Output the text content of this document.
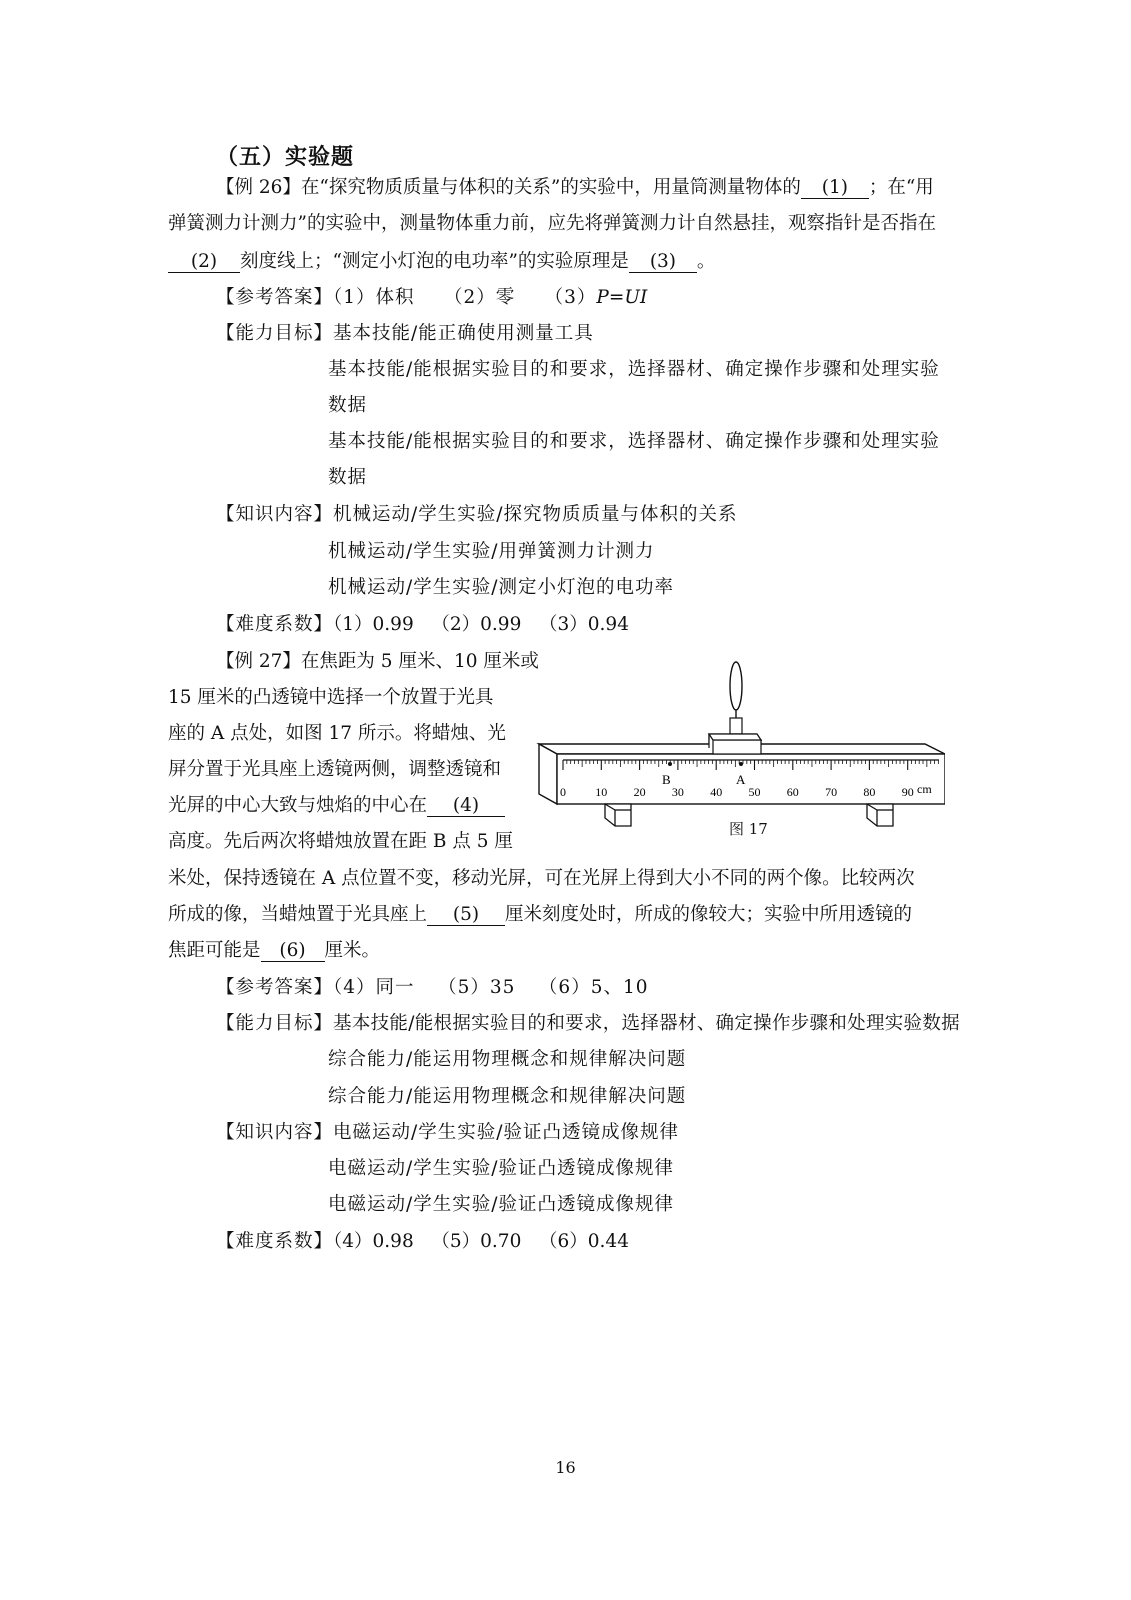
（五）实验题
【例 26】在“探究物质质量与体积的关系”的实验中，用量筒测量物体的 (1) ；在“用
弹簧测力计测力”的实验中，测量物体重力前，应先将弹簧测力计自然悬挂，观察指针是否指在
(2) 刻度线上；“测定小灯泡的电功率”的实验原理是 (3) 。
【参考答案】（1）体积 （2）零 （3）P=UI
【能力目标】基本技能/能正确使用测量工具
基本技能/能根据实验目的和要求，选择器材、确定操作步骤和处理实验
数据
基本技能/能根据实验目的和要求，选择器材、确定操作步骤和处理实验
数据
【知识内容】机械运动/学生实验/探究物质质量与体积的关系
机械运动/学生实验/用弹簧测力计测力
机械运动/学生实验/测定小灯泡的电功率
【难度系数】（1）0.99 （2）0.99 （3）0.94
【例 27】在焦距为 5 厘米、10 厘米或
15 厘米的凸透镜中选择一个放置于光具
座的 A 点处，如图 17 所示。将蜡烛、光
屏分置于光具座上透镜两侧，调整透镜和
光屏的中心大致与烛焰的中心在 (4)
高度。先后两次将蜡烛放置在距 B 点 5 厘
米处，保持透镜在 A 点位置不变，移动光屏，可在光屏上得到大小不同的两个像。比较两次
所成的像，当蜡烛置于光具座上 (5) 厘米刻度处时，所成的像较大；实验中所用透镜的
焦距可能是 (6) 厘米。
【参考答案】（4）同一 （5）35 （6）5、10
【能力目标】基本技能/能根据实验目的和要求，选择器材、确定操作步骤和处理实验数据
综合能力/能运用物理概念和规律解决问题
综合能力/能运用物理概念和规律解决问题
【知识内容】电磁运动/学生实验/验证凸透镜成像规律
电磁运动/学生实验/验证凸透镜成像规律
电磁运动/学生实验/验证凸透镜成像规律
【难度系数】（4）0.98 （5）0.70 （6）0.44
0 10 20 30 40 50 60 70 80 90
B	A
cm
图 17
16
